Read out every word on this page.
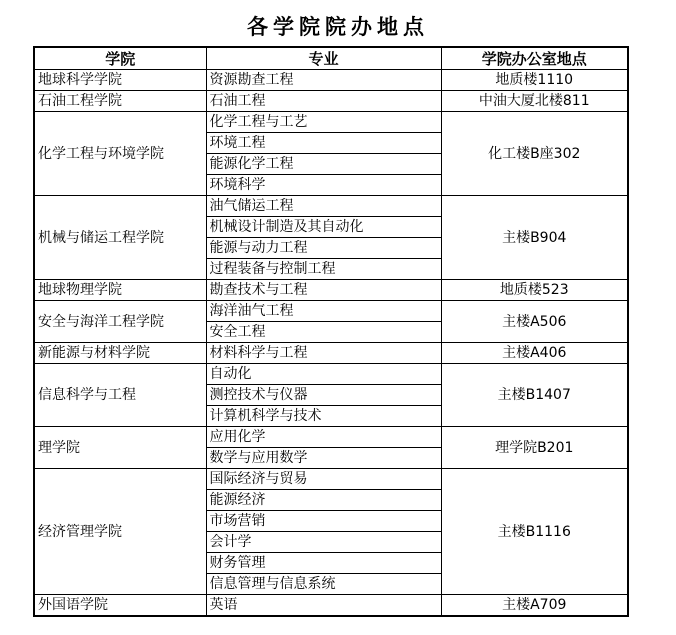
各学院院办地点
学院	专业	学院办公室地点
地球科学学院	资源勘查工程	地质楼1110
石油工程学院	石油工程	中油大厦北楼811
化学工程与环境学院	化学工程与工艺	化工楼B座302
	环境工程	
	能源化学工程	
	环境科学	
机械与储运工程学院	油气储运工程	主楼B904
	机械设计制造及其自动化	
	能源与动力工程	
	过程装备与控制工程	
地球物理学院	勘查技术与工程	地质楼523
安全与海洋工程学院	海洋油气工程	主楼A506
	安全工程	
新能源与材料学院	材料科学与工程	主楼A406
信息科学与工程	自动化	主楼B1407
	测控技术与仪器	
	计算机科学与技术	
理学院	应用化学	理学院B201
	数学与应用数学	
经济管理学院	国际经济与贸易	主楼B1116
	能源经济	
	市场营销	
	会计学	
	财务管理	
	信息管理与信息系统	
外国语学院	英语	主楼A709
